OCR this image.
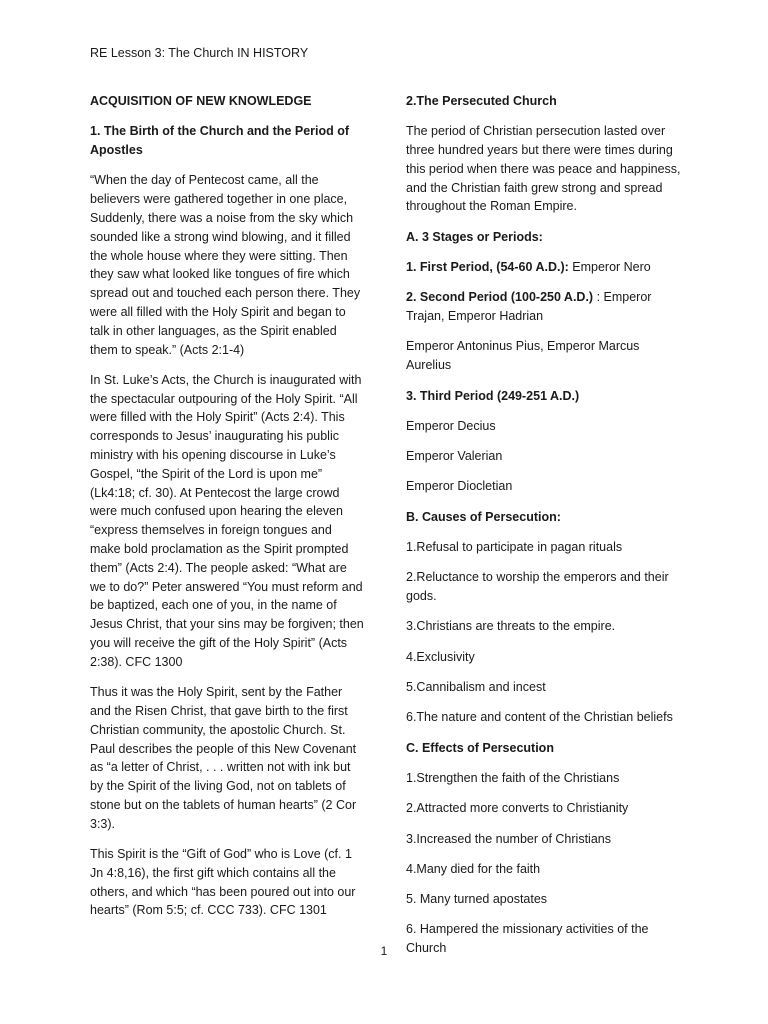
RE Lesson 3: The Church IN HISTORY

ACQUISITION OF NEW KNOWLEDGE

1. The Birth of the Church and the Period of Apostles

“When the day of Pentecost came, all the believers were gathered together in one place, Suddenly, there was a noise from the sky which sounded like a strong wind blowing, and it filled the whole house where they were sitting. Then they saw what looked like tongues of fire which spread out and touched each person there. They were all filled with the Holy Spirit and began to talk in other languages, as the Spirit enabled them to speak.” (Acts 2:1-4)

In St. Luke’s Acts, the Church is inaugurated with the spectacular outpouring of the Holy Spirit. “All were filled with the Holy Spirit” (Acts 2:4). This corresponds to Jesus’ inaugurating his public ministry with his opening discourse in Luke’s Gospel, “the Spirit of the Lord is upon me” (Lk4:18; cf. 30). At Pentecost the large crowd were much confused upon hearing the eleven “express themselves in foreign tongues and make bold proclamation as the Spirit prompted them” (Acts 2:4). The people asked: “What are we to do?” Peter answered “You must reform and be baptized, each one of you, in the name of Jesus Christ, that your sins may be forgiven; then you will receive the gift of the Holy Spirit” (Acts 2:38). CFC 1300

Thus it was the Holy Spirit, sent by the Father and the Risen Christ, that gave birth to the first Christian community, the apostolic Church. St. Paul describes the people of this New Covenant as “a letter of Christ, . . . written not with ink but by the Spirit of the living God, not on tablets of stone but on the tablets of human hearts” (2 Cor 3:3).

This Spirit is the “Gift of God” who is Love (cf. 1 Jn 4:8,16), the first gift which contains all the others, and which “has been poured out into our hearts” (Rom 5:5; cf. CCC 733). CFC 1301

2.The Persecuted Church

The period of Christian persecution lasted over three hundred years but there were times during this period when there was peace and happiness, and the Christian faith grew strong and spread throughout the Roman Empire.

A. 3 Stages or Periods:

1. First Period, (54-60 A.D.): Emperor Nero

2. Second Period (100-250 A.D.) : Emperor Trajan, Emperor Hadrian

Emperor Antoninus Pius, Emperor Marcus Aurelius

3. Third Period (249-251 A.D.)

Emperor Decius

Emperor Valerian

Emperor Diocletian

B. Causes of Persecution:

1.Refusal to participate in pagan rituals

2.Reluctance to worship the emperors and their gods.

3.Christians are threats to the empire.

4.Exclusivity

5.Cannibalism and incest

6.The nature and content of the Christian beliefs

C. Effects of Persecution

1.Strengthen the faith of the Christians

2.Attracted more converts to Christianity

3.Increased the number of Christians

4.Many died for the faith

5. Many turned apostates

6. Hampered the missionary activities of the Church

1
